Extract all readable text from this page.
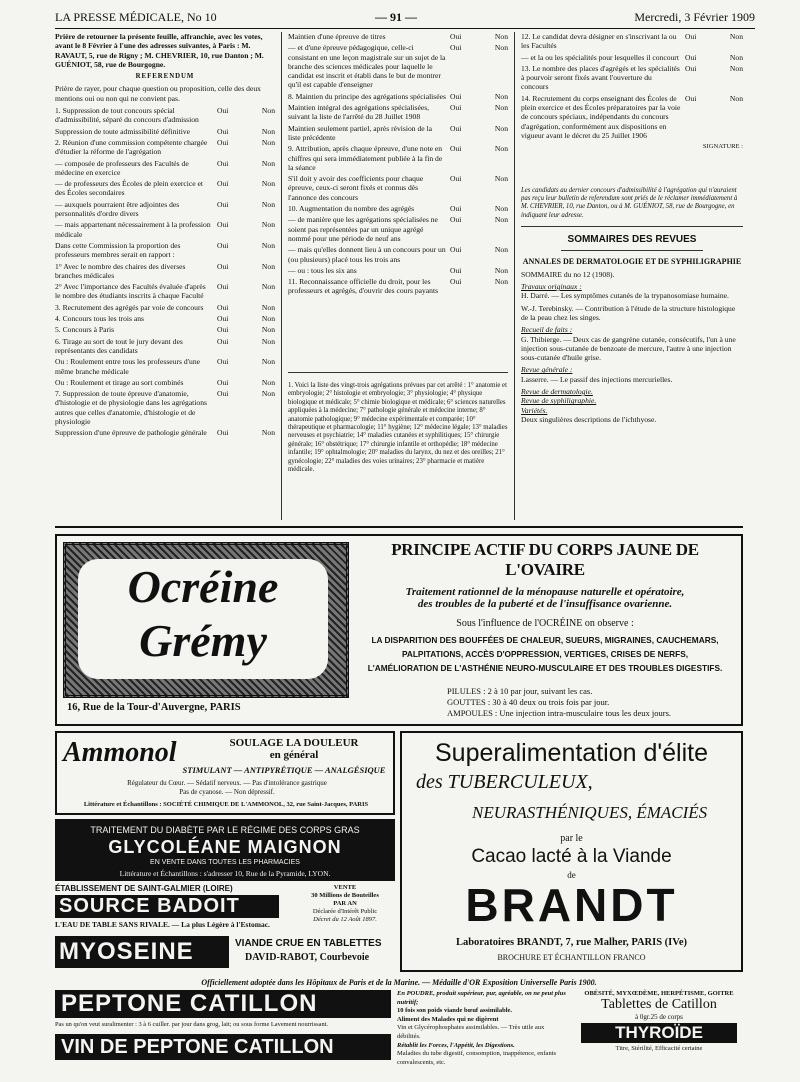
LA PRESSE MÉDICALE, No 10	— 91 —	Mercredi, 3 Février 1909

Prière de retourner la présente feuille, affranchie, avec les votes, avant le 8 Février à l'une des adresses suivantes, à Paris : M. RAVAUT, 5, rue de Rigny ; M. CHEVRIER, 10, rue Danton ; M. GUÉNIOT, 58, rue de Bourgogne.

REFERENDUM

Prière de rayer, pour chaque question ou proposition, celle des deux mentions oui ou non qui ne convient pas.

1. Suppression de tout concours spécial d'admissibilité, séparé du concours d'admission
Oui	Non
Suppression de toute admissibilité définitive	Oui	Non
2. Réunion d'une commission compétente chargée d'étudier la réforme de l'agrégation
Oui	Non
— composée de professeurs des Facultés de médecine en exercice
Oui	Non
— de professeurs des Écoles de plein exercice et des Écoles secondaires
Oui	Non
— auxquels pourraient être adjointes des personnalités d'ordre divers
Oui	Non
— mais appartenant nécessairement à la profession médicale
Oui	Non
Dans cette Commission la proportion des professeurs membres serait en rapport :
Oui	Non
1° Avec le nombre des chaires des diverses branches médicales
Oui	Non
2° Avec l'importance des Facultés évaluée d'après le nombre des étudiants inscrits à chaque Faculté
Oui	Non
3. Recrutement des agrégés par voie de concours	Oui	Non
4. Concours tous les trois ans	Oui	Non
5. Concours à Paris	Oui	Non
6. Tirage au sort de tout le jury devant des représentants des candidats
Oui	Non
Ou : Roulement entre tous les professeurs d'une même branche médicale
Oui	Non
Ou : Roulement et tirage au sort combinés	Oui	Non
7. Suppression de toute épreuve d'anatomie, d'histologie et de physiologie dans les agrégations autres que celles d'anatomie, d'histologie et de physiologie
Oui	Non
Suppression d'une épreuve de pathologie générale	Oui	Non
Maintien d'une épreuve de titres	Oui	Non
— et d'une épreuve pédagogique, celle-ci consistant en une leçon magistrale sur un sujet de la branche des sciences médicales pour laquelle le candidat est inscrit et établi dans le but de montrer qu'il est capable d'enseigner
Oui	Non
8. Maintien du principe des agrégations spécialisées Oui	Non
Maintien intégral des agrégations spécialisées, suivant la liste de l'arrêté du 28 Juillet 1908
Oui	Non
Maintien seulement partiel, après révision de la liste précédente
Oui	Non
9. Attribution, après chaque épreuve, d'une note en chiffres qui sera immédiatement publiée à la fin de la séance
Oui	Non
S'il doit y avoir des coefficients pour chaque épreuve, ceux-ci seront fixés et connus dès l'annonce des concours
Oui	Non
10. Augmentation du nombre des agrégés	Oui	Non
— de manière que les agrégations spécialisées ne soient pas représentées par un unique agrégé nommé pour une période de neuf ans
Oui	Non
— mais qu'elles donnent lieu à un concours pour un (ou plusieurs) placé tous les trois ans
Oui	Non
— ou : tous les six ans	Oui	Non
11. Reconnaissance officielle du droit, pour les professeurs et agrégés, d'ouvrir des cours payants
Oui	Non

1. Voici la liste des vingt-trois agrégations prévues par cet arrêté : 1° anatomie et embryologie; 2° histologie et embryologie; 3° physiologie; 4° physique biologique et médicale; 5° chimie biologique et médicale; 6° sciences naturelles appliquées à la médecine; 7° pathologie générale et médecine interne; 8° anatomie pathologique; 9° médecine expérimentale et comparée; 10° thérapeutique et pharmacologie; 11° hygiène; 12° médecine légale; 13° maladies nerveuses et psychiatrie; 14° maladies cutanées et syphilitiques; 15° chirurgie générale; 16° obstétrique; 17° chirurgie infantile et orthopédie; 18° médecine infantile; 19° ophtalmologie; 20° maladies du larynx, du nez et des oreilles; 21° gynécologie; 22° maladies des voies urinaires; 23° pharmacie et matière médicale.

12. Le candidat devra désigner en s'inscrivant la ou les Facultés
Oui	Non
— et la ou les spécialités pour lesquelles il concourt Oui	Non
13. Le nombre des places d'agrégés et les spécialités à pourvoir seront fixés avant l'ouverture du concours
Oui	Non
14. Recrutement du corps enseignant des Écoles de plein exercice et des Écoles préparatoires par la voie de concours spéciaux, indépendants du concours d'agrégation, conformément aux dispositions en vigueur avant le décret du 25 Juillet 1906
Oui	Non

SIGNATURE :

Les candidats au dernier concours d'admissibilité à l'agrégation qui n'auraient pas reçu leur bulletin de referendum sont priés de le réclamer immédiatement à M. CHEVRIER, 10, rue Danton, ou à M. GUÉNIOT, 58, rue de Bourgogne, en indiquant leur adresse.

SOMMAIRES DES REVUES

ANNALES DE DERMATOLOGIE ET DE SYPHILIGRAPHIE

SOMMAIRE du no 12 (1908).

Travaux originaux :
H. Darré. — Les symptômes cutanés de la trypanosomiase humaine.
W.-J. Terebinsky. — Contribution à l'étude de la structure histologique de la peau chez les singes.
Recueil de faits :
G. Thibierge. — Deux cas de gangrène cutanée, consécutifs, l'un à une injection sous-cutanée de benzoate de mercure, l'autre à une injection sous-cutanée d'huile grise.
Revue générale :
Lasserre. — Le passif des injections mercurielles.
Revue de dermatologie.
Revue de syphiligraphie.
Variétés.
Deux singulières descriptions de l'ichthyose.
Ocréine
Grémy
16, Rue de la Tour-d'Auvergne, PARIS
PRINCIPE ACTIF DU CORPS JAUNE DE L'OVAIRE
Traitement rationnel de la ménopause naturelle et opératoire,
des troubles de la puberté et de l'insuffisance ovarienne.
Sous l'influence de l'OCRÉINE on observe :
LA DISPARITION DES BOUFFÉES DE CHALEUR, SUEURS, MIGRAINES, CAUCHEMARS,
PALPITATIONS, ACCÈS D'OPPRESSION, VERTIGES, CRISES DE NERFS,
L'AMÉLIORATION DE L'ASTHÉNIE NEURO-MUSCULAIRE ET DES TROUBLES DIGESTIFS.
PILULES : 2 à 10 par jour, suivant les cas.
GOUTTES : 30 à 40 deux ou trois fois par jour.
AMPOULES : Une injection intra-musculaire tous les deux jours.
Ammonol	SOULAGE LA DOULEUR
en général
STIMULANT — ANTIPYRÉTIQUE — ANALGÉSIQUE
Régulateur du Cœur. — Sédatif nerveux. — Pas d'intolérance gastrique
Pas de cyanose. — Non dépressif.
Littérature et Échantillons : SOCIÉTÉ CHIMIQUE DE L'AMMONOL, 32, rue Saint-Jacques, PARIS
TRAITEMENT DU DIABÈTE PAR LE RÉGIME DES CORPS GRAS
GLYCOLÉANE MAIGNON
EN VENTE DANS TOUTES LES PHARMACIES
Littérature et Échantillons : s'adresser 10, Rue de la Pyramide, LYON.
ÉTABLISSEMENT DE SAINT-GALMIER (LOIRE)
SOURCE BADOIT
L'EAU DE TABLE SANS RIVALE. — La plus Légère à l'Estomac.
VENTE
30 Millions de Bouteilles
PAR AN
Déclarée d'Intérêt Public
Décret du 12 Août 1897.
MYOSEINE	VIANDE CRUE EN TABLETTES
DAVID-RABOT, Courbevoie
Superalimentation d'élite
des TUBERCULEUX,
NEURASTHÉNIQUES, ÉMACIÉS
par le
Cacao lacté à la Viande
de
BRANDT
Laboratoires BRANDT, 7, rue Malher, PARIS (IVe)
BROCHURE ET ÉCHANTILLON FRANCO
Officiellement adoptée dans les Hôpitaux de Paris et de la Marine. — Médaille d'OR Exposition Universelle Paris 1900.
PEPTONE CATILLON
Pas un qu'on veut suralimenter : 3 à 6 cuiller. par jour dans grog, lait; ou sous forme Lavement nourrissant.
VIN DE PEPTONE CATILLON
En POUDRE, produit supérieur, pur, agréable, on ne peut plus nutritif;
10 fois son poids viande bœuf assimilable.
Aliment des Malades qui ne digèrent
Vin et Glycérophosphates assimilables. — Très utile aux débilités.
Rétablit les Forces, l'Appétit, les Digestions.
Maladies du tube digestif, consomption, inappétence, enfants convalescents, etc.
OBÉSITÉ, MYXŒDÈME, HERPÉTISME, GOITRE
Tablettes de Catillon
à 0gr.25 de corps
THYROÏDE
Titre, Stérilité, Efficacité certaine
